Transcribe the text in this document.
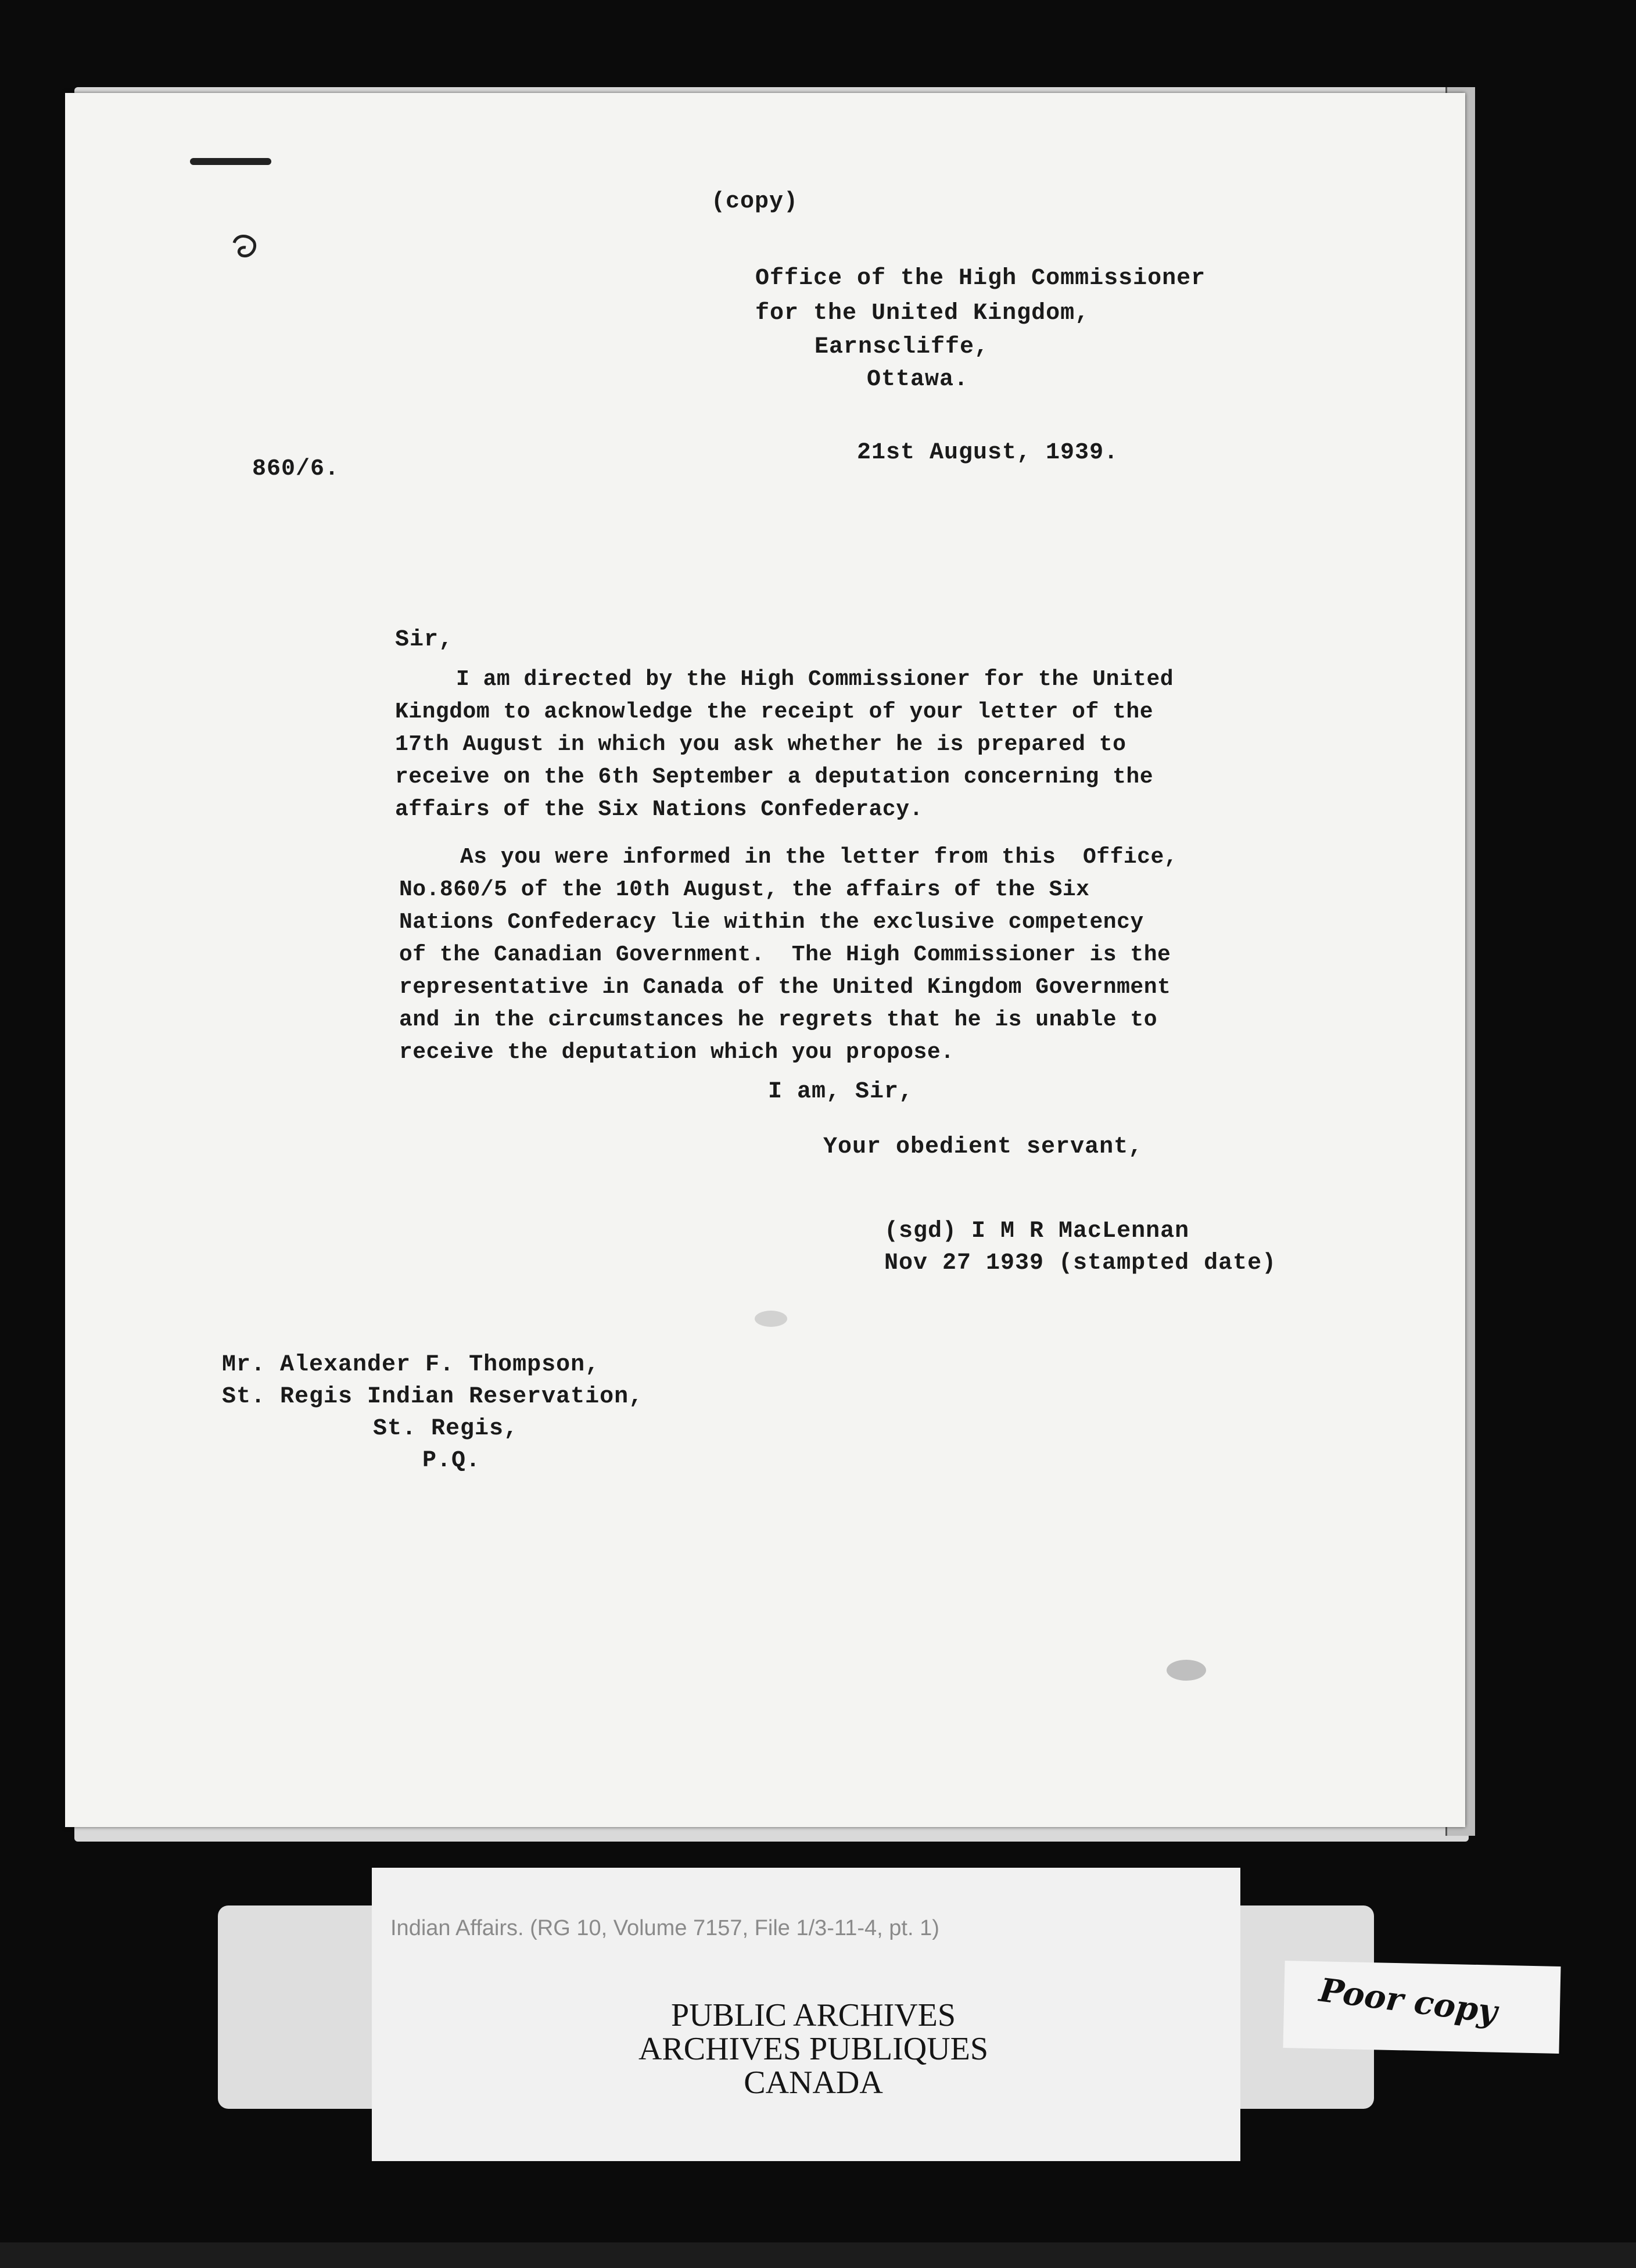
(copy)
Office of the High Commissioner
for the United Kingdom,
Earnscliffe,
Ottawa.
860/6.
21st August, 1939.
Sir,
I am directed by the High Commissioner for the United
Kingdom to acknowledge the receipt of your letter of the
17th August in which you ask whether he is prepared to
receive on the 6th September a deputation concerning the
affairs of the Six Nations Confederacy.
As you were informed in the letter from this  Office,
No.860/5 of the 10th August, the affairs of the Six
Nations Confederacy lie within the exclusive competency
of the Canadian Government.  The High Commissioner is the
representative in Canada of the United Kingdom Government
and in the circumstances he regrets that he is unable to
receive the deputation which you propose.
I am, Sir,
Your obedient servant,
(sgd) I M R MacLennan
Nov 27 1939 (stampted date)
Mr. Alexander F. Thompson,
St. Regis Indian Reservation,
St. Regis,
P.Q.
Indian Affairs. (RG 10, Volume 7157, File 1/3-11-4, pt. 1)
PUBLIC ARCHIVES
ARCHIVES PUBLIQUES
CANADA
Poor copy
